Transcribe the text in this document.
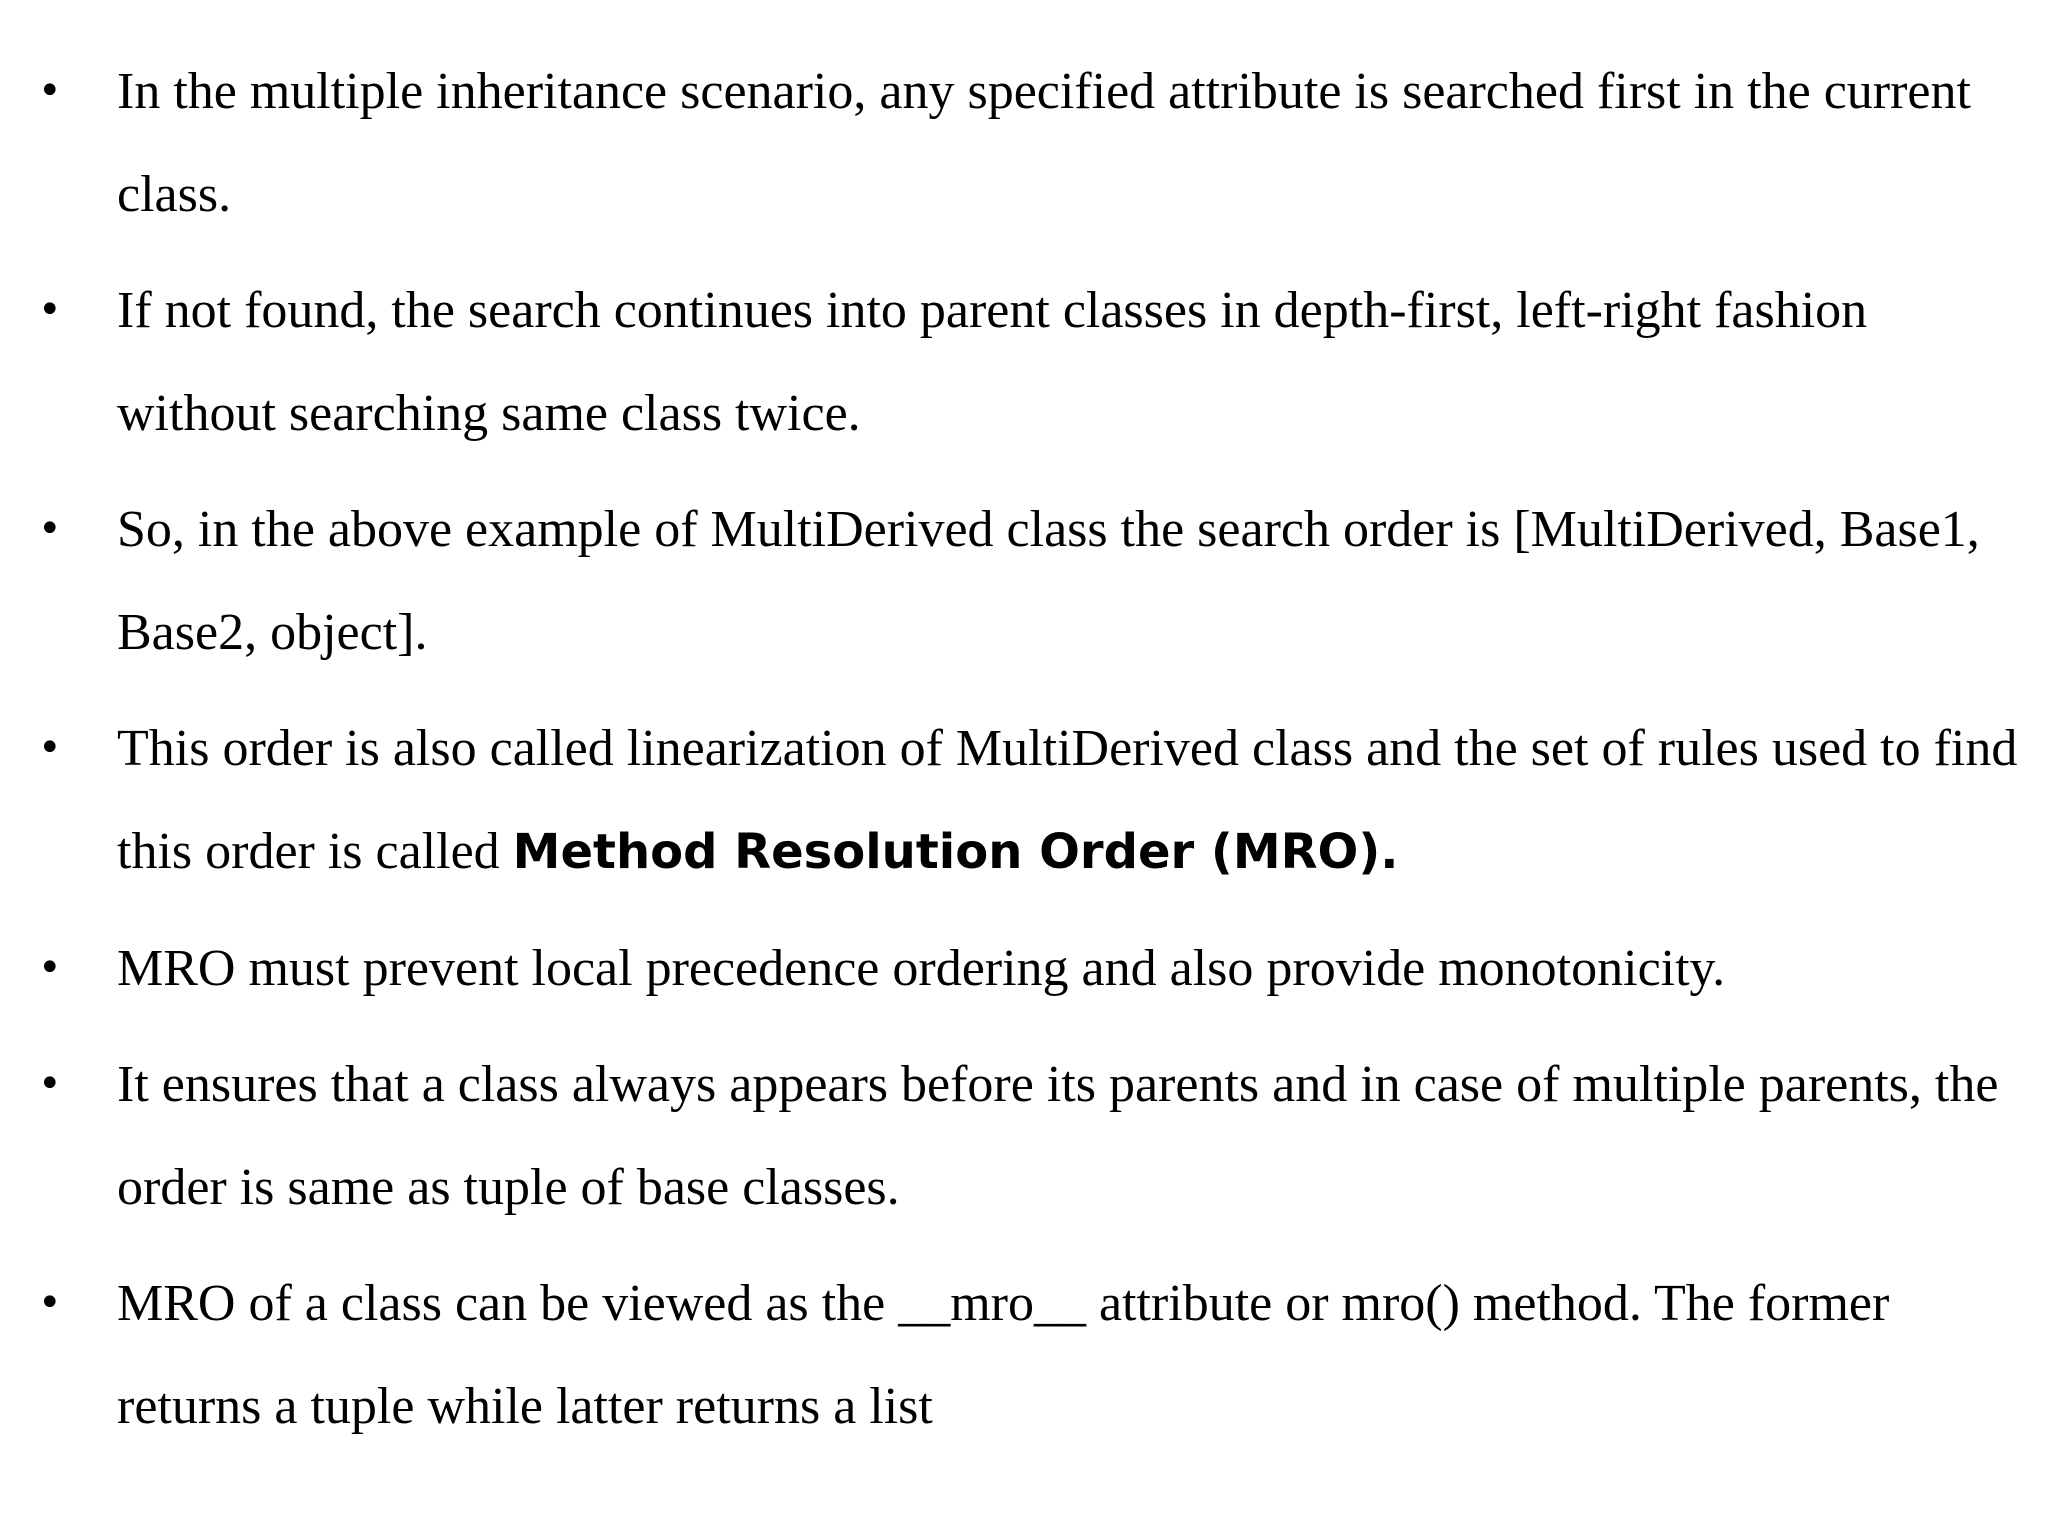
• In the multiple inheritance scenario, any specified attribute is searched first in the current class.
• If not found, the search continues into parent classes in depth-first, left-right fashion without searching same class twice.
• So, in the above example of MultiDerived class the search order is [MultiDerived, Base1, Base2, object].
• This order is also called linearization of MultiDerived class and the set of rules used to find this order is called Method Resolution Order (MRO).
• MRO must prevent local precedence ordering and also provide monotonicity.
• It ensures that a class always appears before its parents and in case of multiple parents, the order is same as tuple of base classes.
• MRO of a class can be viewed as the __mro__ attribute or mro() method. The former returns a tuple while latter returns a list
